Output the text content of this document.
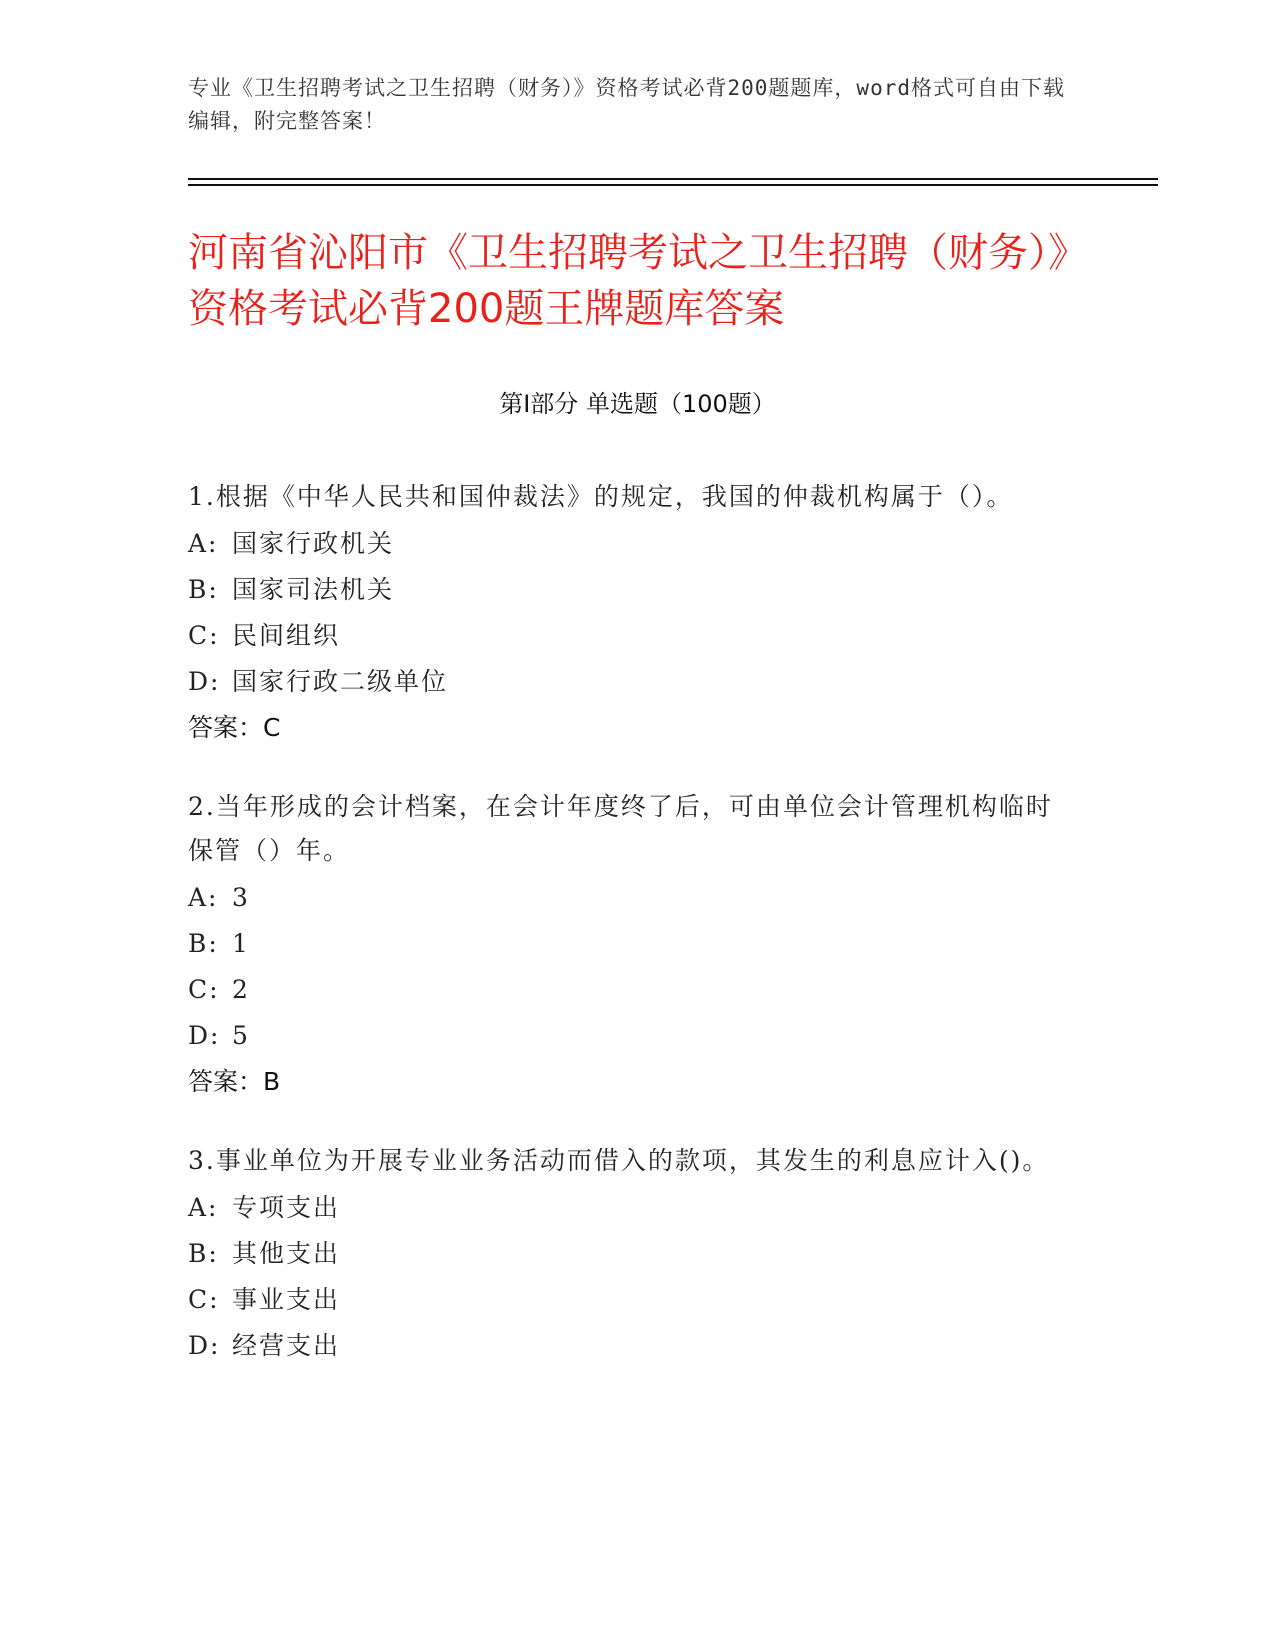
专业《卫生招聘考试之卫生招聘（财务）》资格考试必背200题题库，word格式可自由下载编辑，附完整答案！
河南省沁阳市《卫生招聘考试之卫生招聘（财务）》资格考试必背200题王牌题库答案
第I部分 单选题（100题）
1.根据《中华人民共和国仲裁法》的规定，我国的仲裁机构属于（）。
A: 国家行政机关
B: 国家司法机关
C: 民间组织
D: 国家行政二级单位
答案：C
2.当年形成的会计档案，在会计年度终了后，可由单位会计管理机构临时保管（）年。
A: 3
B: 1
C: 2
D: 5
答案：B
3.事业单位为开展专业业务活动而借入的款项，其发生的利息应计入()。
A: 专项支出
B: 其他支出
C: 事业支出
D: 经营支出
